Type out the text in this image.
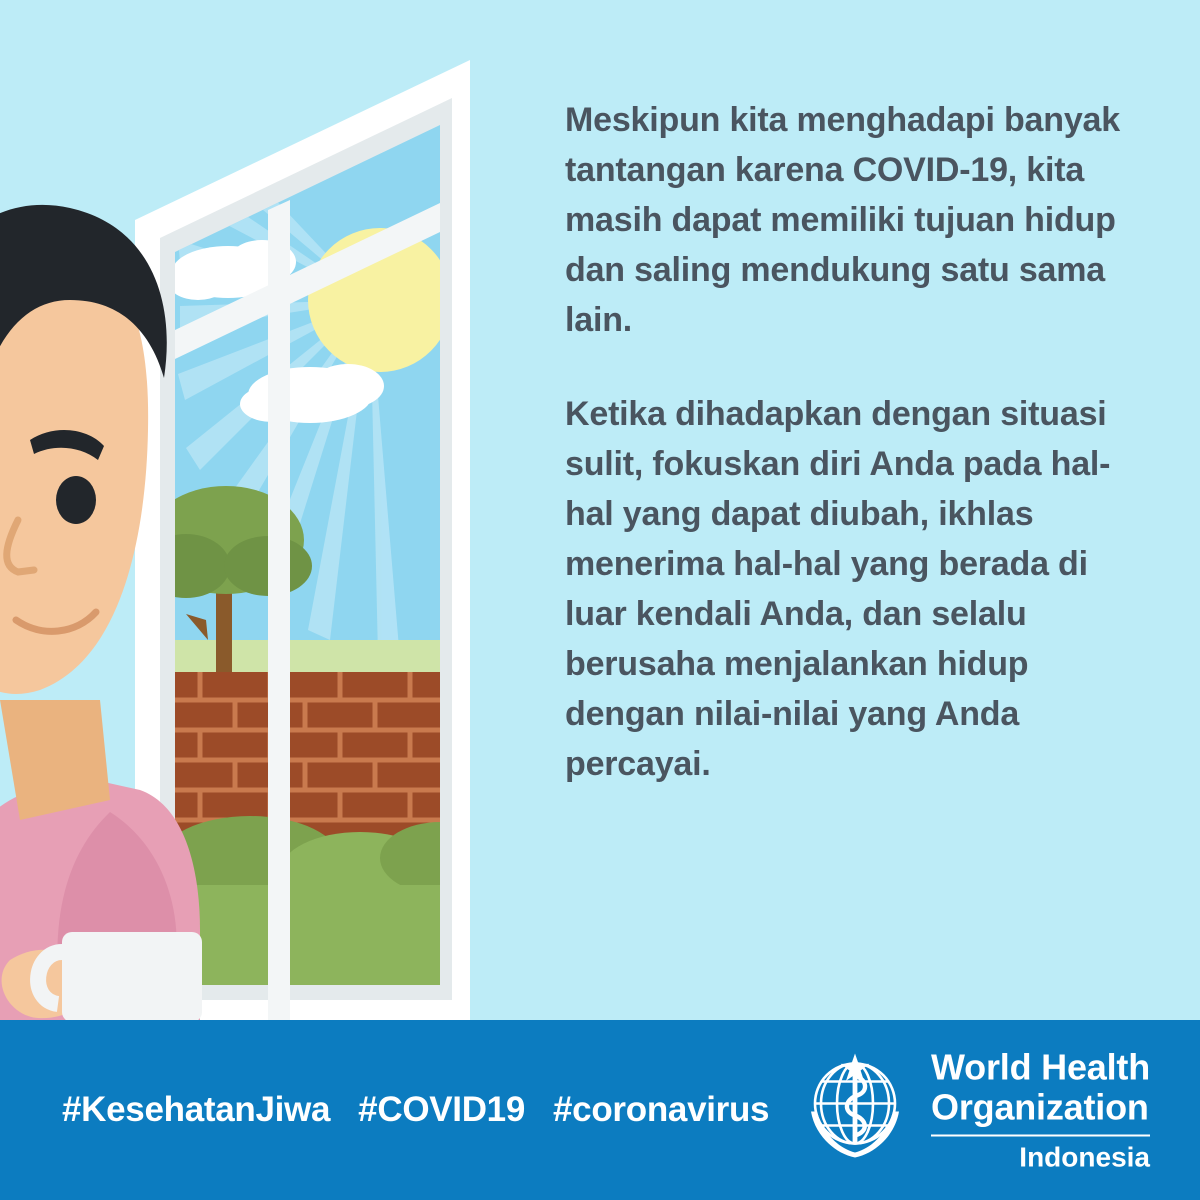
Meskipun kita menghadapi banyak tantangan karena COVID-19, kita masih dapat memiliki tujuan hidup dan saling mendukung satu sama lain.

Ketika dihadapkan dengan situasi sulit, fokuskan diri Anda pada hal-hal yang dapat diubah, ikhlas menerima hal-hal yang berada di luar kendali Anda, dan selalu berusaha menjalankan hidup dengan nilai-nilai yang Anda percayai.

#KesehatanJiwa #COVID19 #coronavirus
World Health
Organization
Indonesia
